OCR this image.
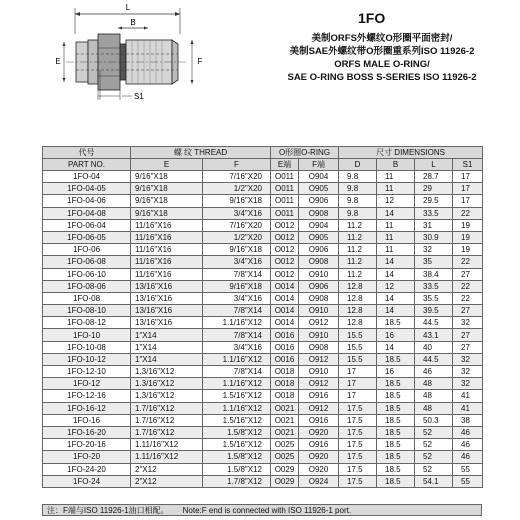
L
B
E	F
S1
1FO
美制ORFS外螺纹O形圈平面密封/
美制SAE外螺纹带O形圈重系列ISO 11926-2
ORFS MALE O-RING/
SAE O-RING BOSS S-SERIES ISO 11926-2
代号	螺 纹 THREAD		O形圈O-RING		尺寸 DIMENSIONS			
PART NO.	E	F	E端	F端	D	B	L	S1
1FO-04	9/16"X18	7/16"X20	O011	O904	9.8	11	28.7	17
1FO-04-05	9/16"X18	1/2"X20	O011	O905	9.8	11	29	17
1FO-04-06	9/16"X18	9/16"X18	O011	O906	9.8	12	29.5	17
1FO-04-08	9/16"X18	3/4"X16	O011	O908	9.8	14	33.5	22
1FO-06-04	11/16"X16	7/16"X20	O012	O904	11.2	11	31	19
1FO-06-05	11/16"X16	1/2"X20	O012	O905	11.2	11	30.9	19
1FO-06	11/16"X16	9/16"X18	O012	O906	11.2	11	32	19
1FO-06-08	11/16"X16	3/4"X16	O012	O908	11.2	14	35	22
1FO-06-10	11/16"X16	7/8"X14	O012	O910	11.2	14	38.4	27
1FO-08-06	13/16"X16	9/16"X18	O014	O906	12.8	12	33.5	22
1FO-08	13/16"X16	3/4"X16	O014	O908	12.8	14	35.5	22
1FO-08-10	13/16"X16	7/8"X14	O014	O910	12.8	14	39.5	27
1FO-08-12	13/16"X16	1.1/16"X12	O014	O912	12.8	18.5	44.5	32
1FO-10	1"X14	7/8"X14	O016	O910	15.5	16	43.1	27
1FO-10-08	1"X14	3/4"X16	O016	O908	15.5	14	40	27
1FO-10-12	1"X14	1.1/16"X12	O016	O912	15.5	18.5	44.5	32
1FO-12-10	1.3/16"X12	7/8"X14	O018	O910	17	16	46	32
1FO-12	1.3/16"X12	1.1/16"X12	O018	O912	17	18.5	48	32
1FO-12-16	1.3/16"X12	1.5/16"X12	O018	O916	17	18.5	48	41
1FO-16-12	1.7/16"X12	1.1/16"X12	O021	O912	17.5	18.5	48	41
1FO-16	1.7/16"X12	1.5/16"X12	O021	O916	17.5	18.5	50.3	38
1FO-16-20	1.7/16"X12	1.5/8"X12	O021	O920	17.5	18.5	52	46
1FO-20-16	1.11/16"X12	1.5/16"X12	O025	O916	17.5	18.5	52	46
1FO-20	1.11/16"X12	1.5/8"X12	O025	O920	17.5	18.5	52	46
1FO-24-20	2"X12	1.5/8"X12	O029	O920	17.5	18.5	52	55
1FO-24	2"X12	1.7/8"X12	O029	O924	17.5	18.5	54.1	55
注：F端与ISO 11926-1油口相配。 Note:F end is connected with ISO 11926-1 port.
